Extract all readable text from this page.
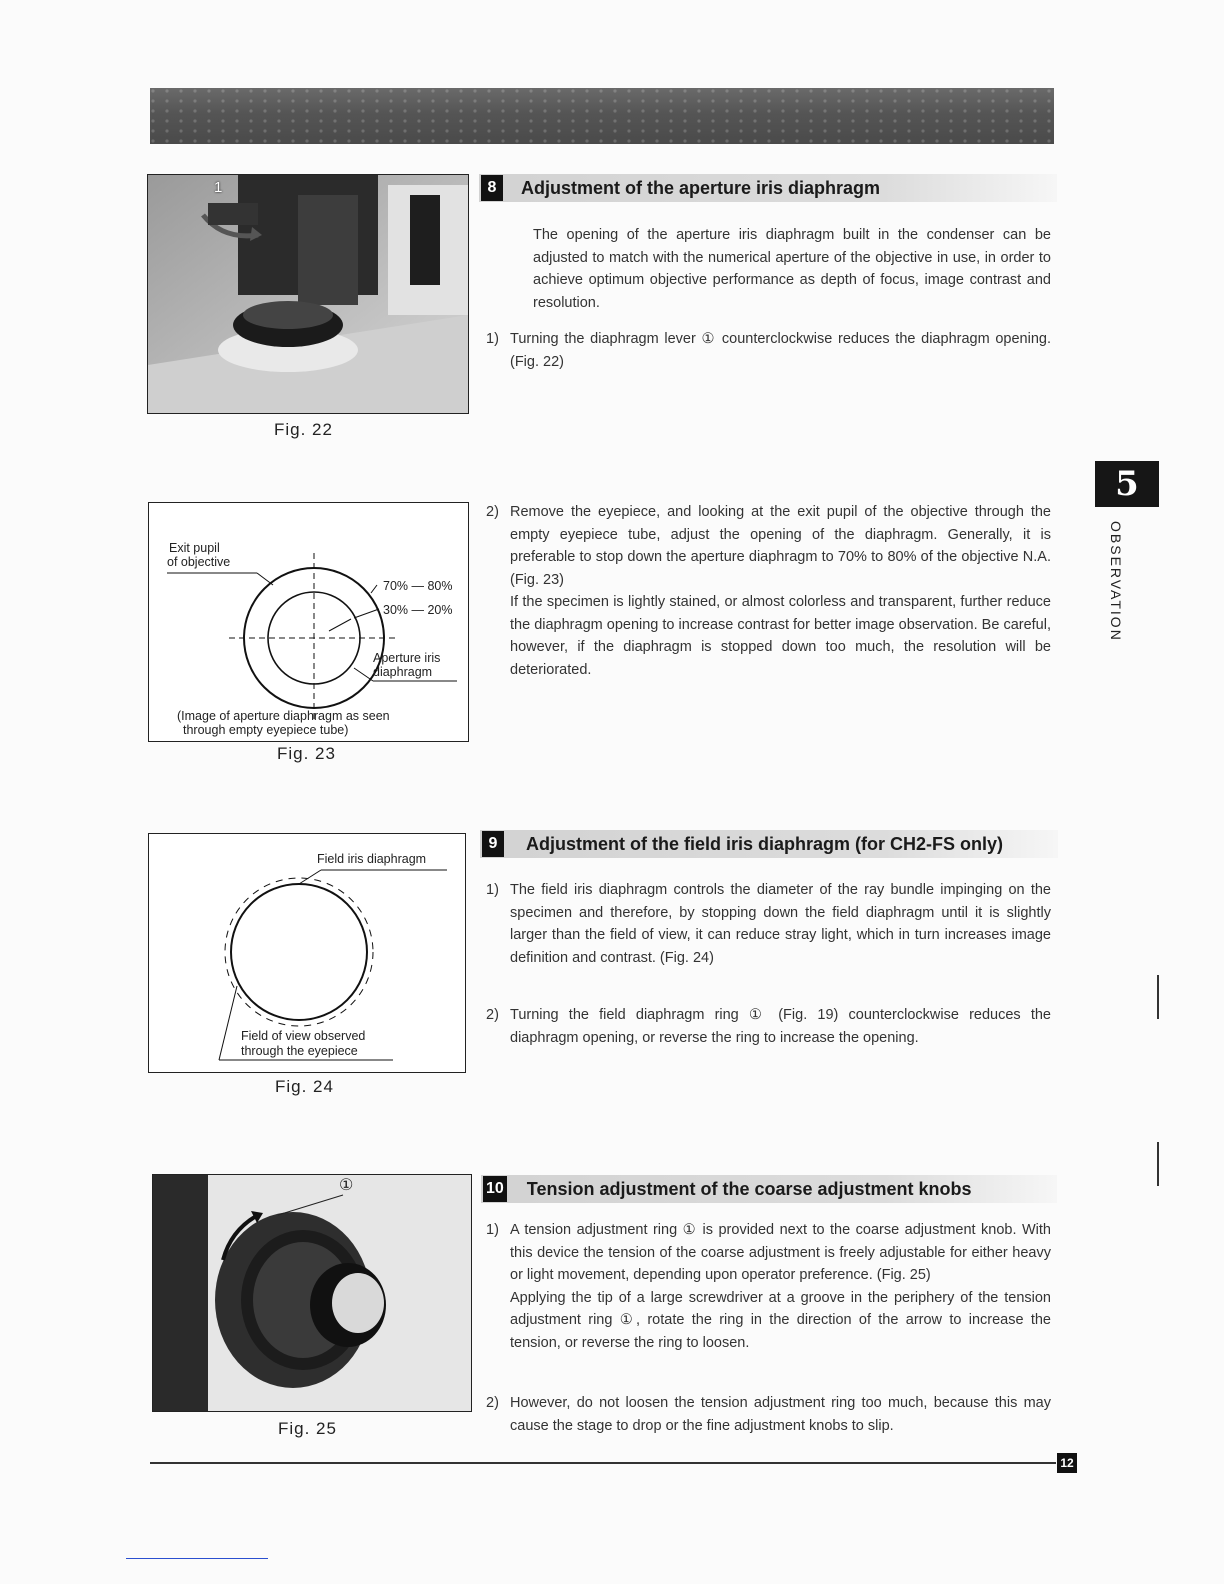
1
Fig. 22
8	Adjustment of the aperture iris diaphragm
The opening of the aperture iris diaphragm built in the condenser can be adjusted to match with the numerical aperture of the objective in use, in order to achieve optimum objective performance as depth of focus, image contrast and resolution.
1) Turning the diaphragm lever ① counterclockwise reduces the diaphragm opening. (Fig. 22)
Exit pupil
of objective
70% — 80%
30% — 20%
Aperture iris
diaphragm
(Image of aperture diaphragm as seen
through empty eyepiece tube)
Fig. 23
2) Remove the eyepiece, and looking at the exit pupil of the objective through the empty eyepiece tube, adjust the opening of the diaphragm. Generally, it is preferable to stop down the aperture diaphragm to 70% to 80% of the objective N.A. (Fig. 23)
If the specimen is lightly stained, or almost colorless and transparent, further reduce the diaphragm opening to increase contrast for better image observation. Be careful, however, if the diaphragm is stopped down too much, the resolution will be deteriorated.
Field iris diaphragm
Field of view observed
through the eyepiece
Fig. 24
9	Adjustment of the field iris diaphragm (for CH2-FS only)
1) The field iris diaphragm controls the diameter of the ray bundle impinging on the specimen and therefore, by stopping down the field diaphragm until it is slightly larger than the field of view, it can reduce stray light, which in turn increases image definition and contrast. (Fig. 24)
2) Turning the field diaphragm ring ① (Fig. 19) counterclockwise reduces the diaphragm opening, or reverse the ring to increase the opening.
①
Fig. 25
10 Tension adjustment of the coarse adjustment knobs
1) A tension adjustment ring ① is provided next to the coarse adjustment knob. With this device the tension of the coarse adjustment is freely adjustable for either heavy or light movement, depending upon operator preference. (Fig. 25)
Applying the tip of a large screwdriver at a groove in the periphery of the tension adjustment ring ①, rotate the ring in the direction of the arrow to increase the tension, or reverse the ring to loosen.
2) However, do not loosen the tension adjustment ring too much, because this may cause the stage to drop or the fine adjustment knobs to slip.
5
OBSERVATION
12
